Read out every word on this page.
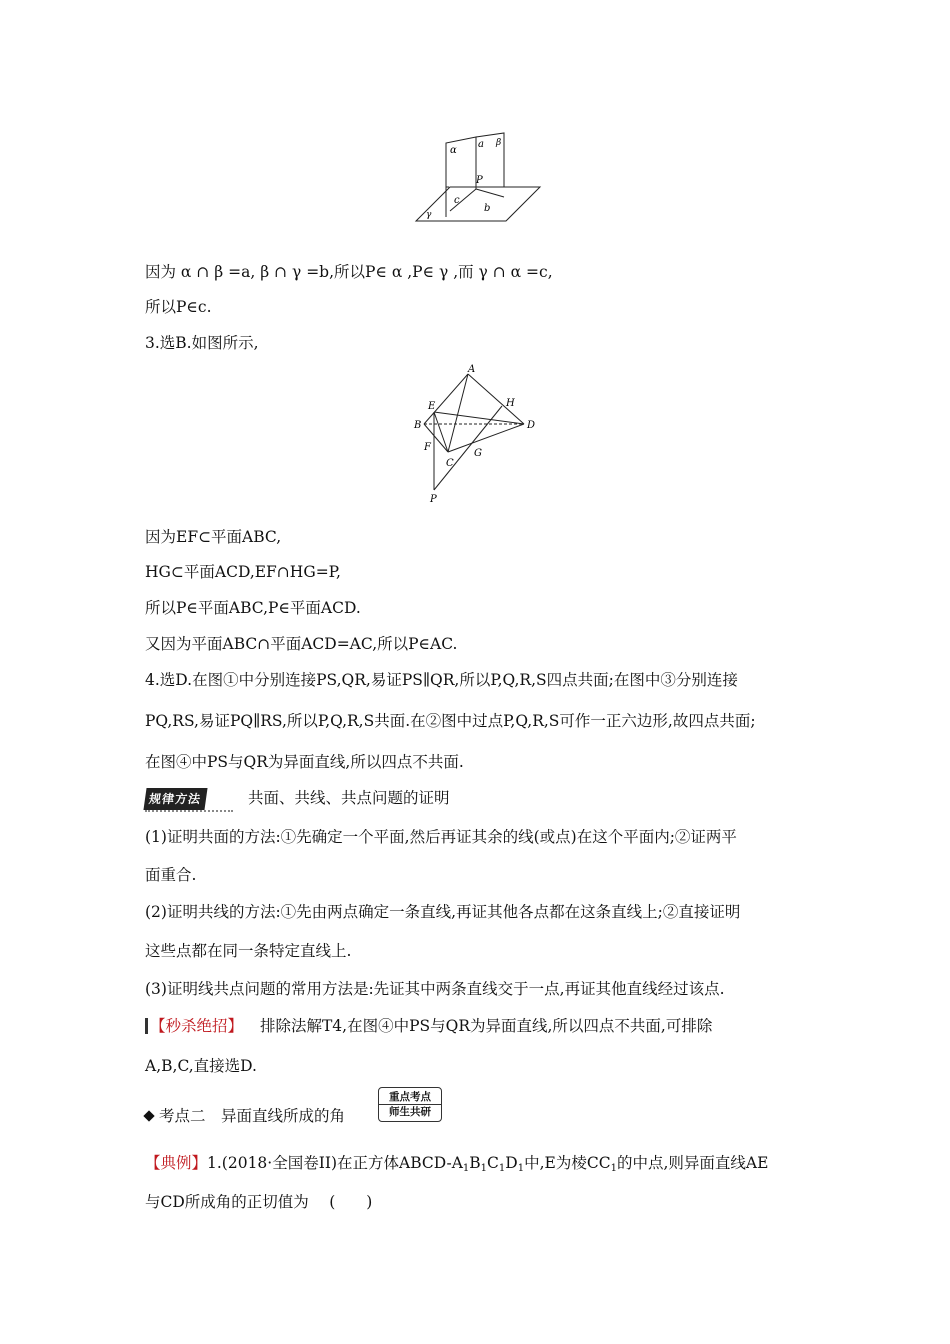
α
a β
P
c
b
γ
因为 α ∩ β =a, β ∩ γ =b,所以P∈ α ,P∈ γ ,而 γ ∩ α =c,
所以P∈c.
3.选B.如图所示,
A
E	H
B	D
F
C
G
P
因为EF⊂平面ABC,
HG⊂平面ACD,EF∩HG=P,
所以P∈平面ABC,P∈平面ACD.
又因为平面ABC∩平面ACD=AC,所以P∈AC.
4.选D.在图①中分别连接PS,QR,易证PS∥QR,所以P,Q,R,S四点共面;在图中③分别连接
PQ,RS,易证PQ∥RS,所以P,Q,R,S共面.在②图中过点P,Q,R,S可作一正六边形,故四点共面;
在图④中PS与QR为异面直线,所以四点不共面.
规律方法	共面、共线、共点问题的证明
(1)证明共面的方法:①先确定一个平面,然后再证其余的线(或点)在这个平面内;②证两平
面重合.
(2)证明共线的方法:①先由两点确定一条直线,再证其他各点都在这条直线上;②直接证明
这些点都在同一条特定直线上.
(3)证明线共点问题的常用方法是:先证其中两条直线交于一点,再证其他直线经过该点.
【秒杀绝招】 排除法解T4,在图④中PS与QR为异面直线,所以四点不共面,可排除
A,B,C,直接选D.
考点二　异面直线所成的角
重点考点
师生共研
【典例】1.(2018·全国卷II)在正方体ABCD-$A_1B_1C_1D_1$中,E为棱$CC_1$的中点,则异面直线AE
与CD所成角的正切值为　 (　　)
